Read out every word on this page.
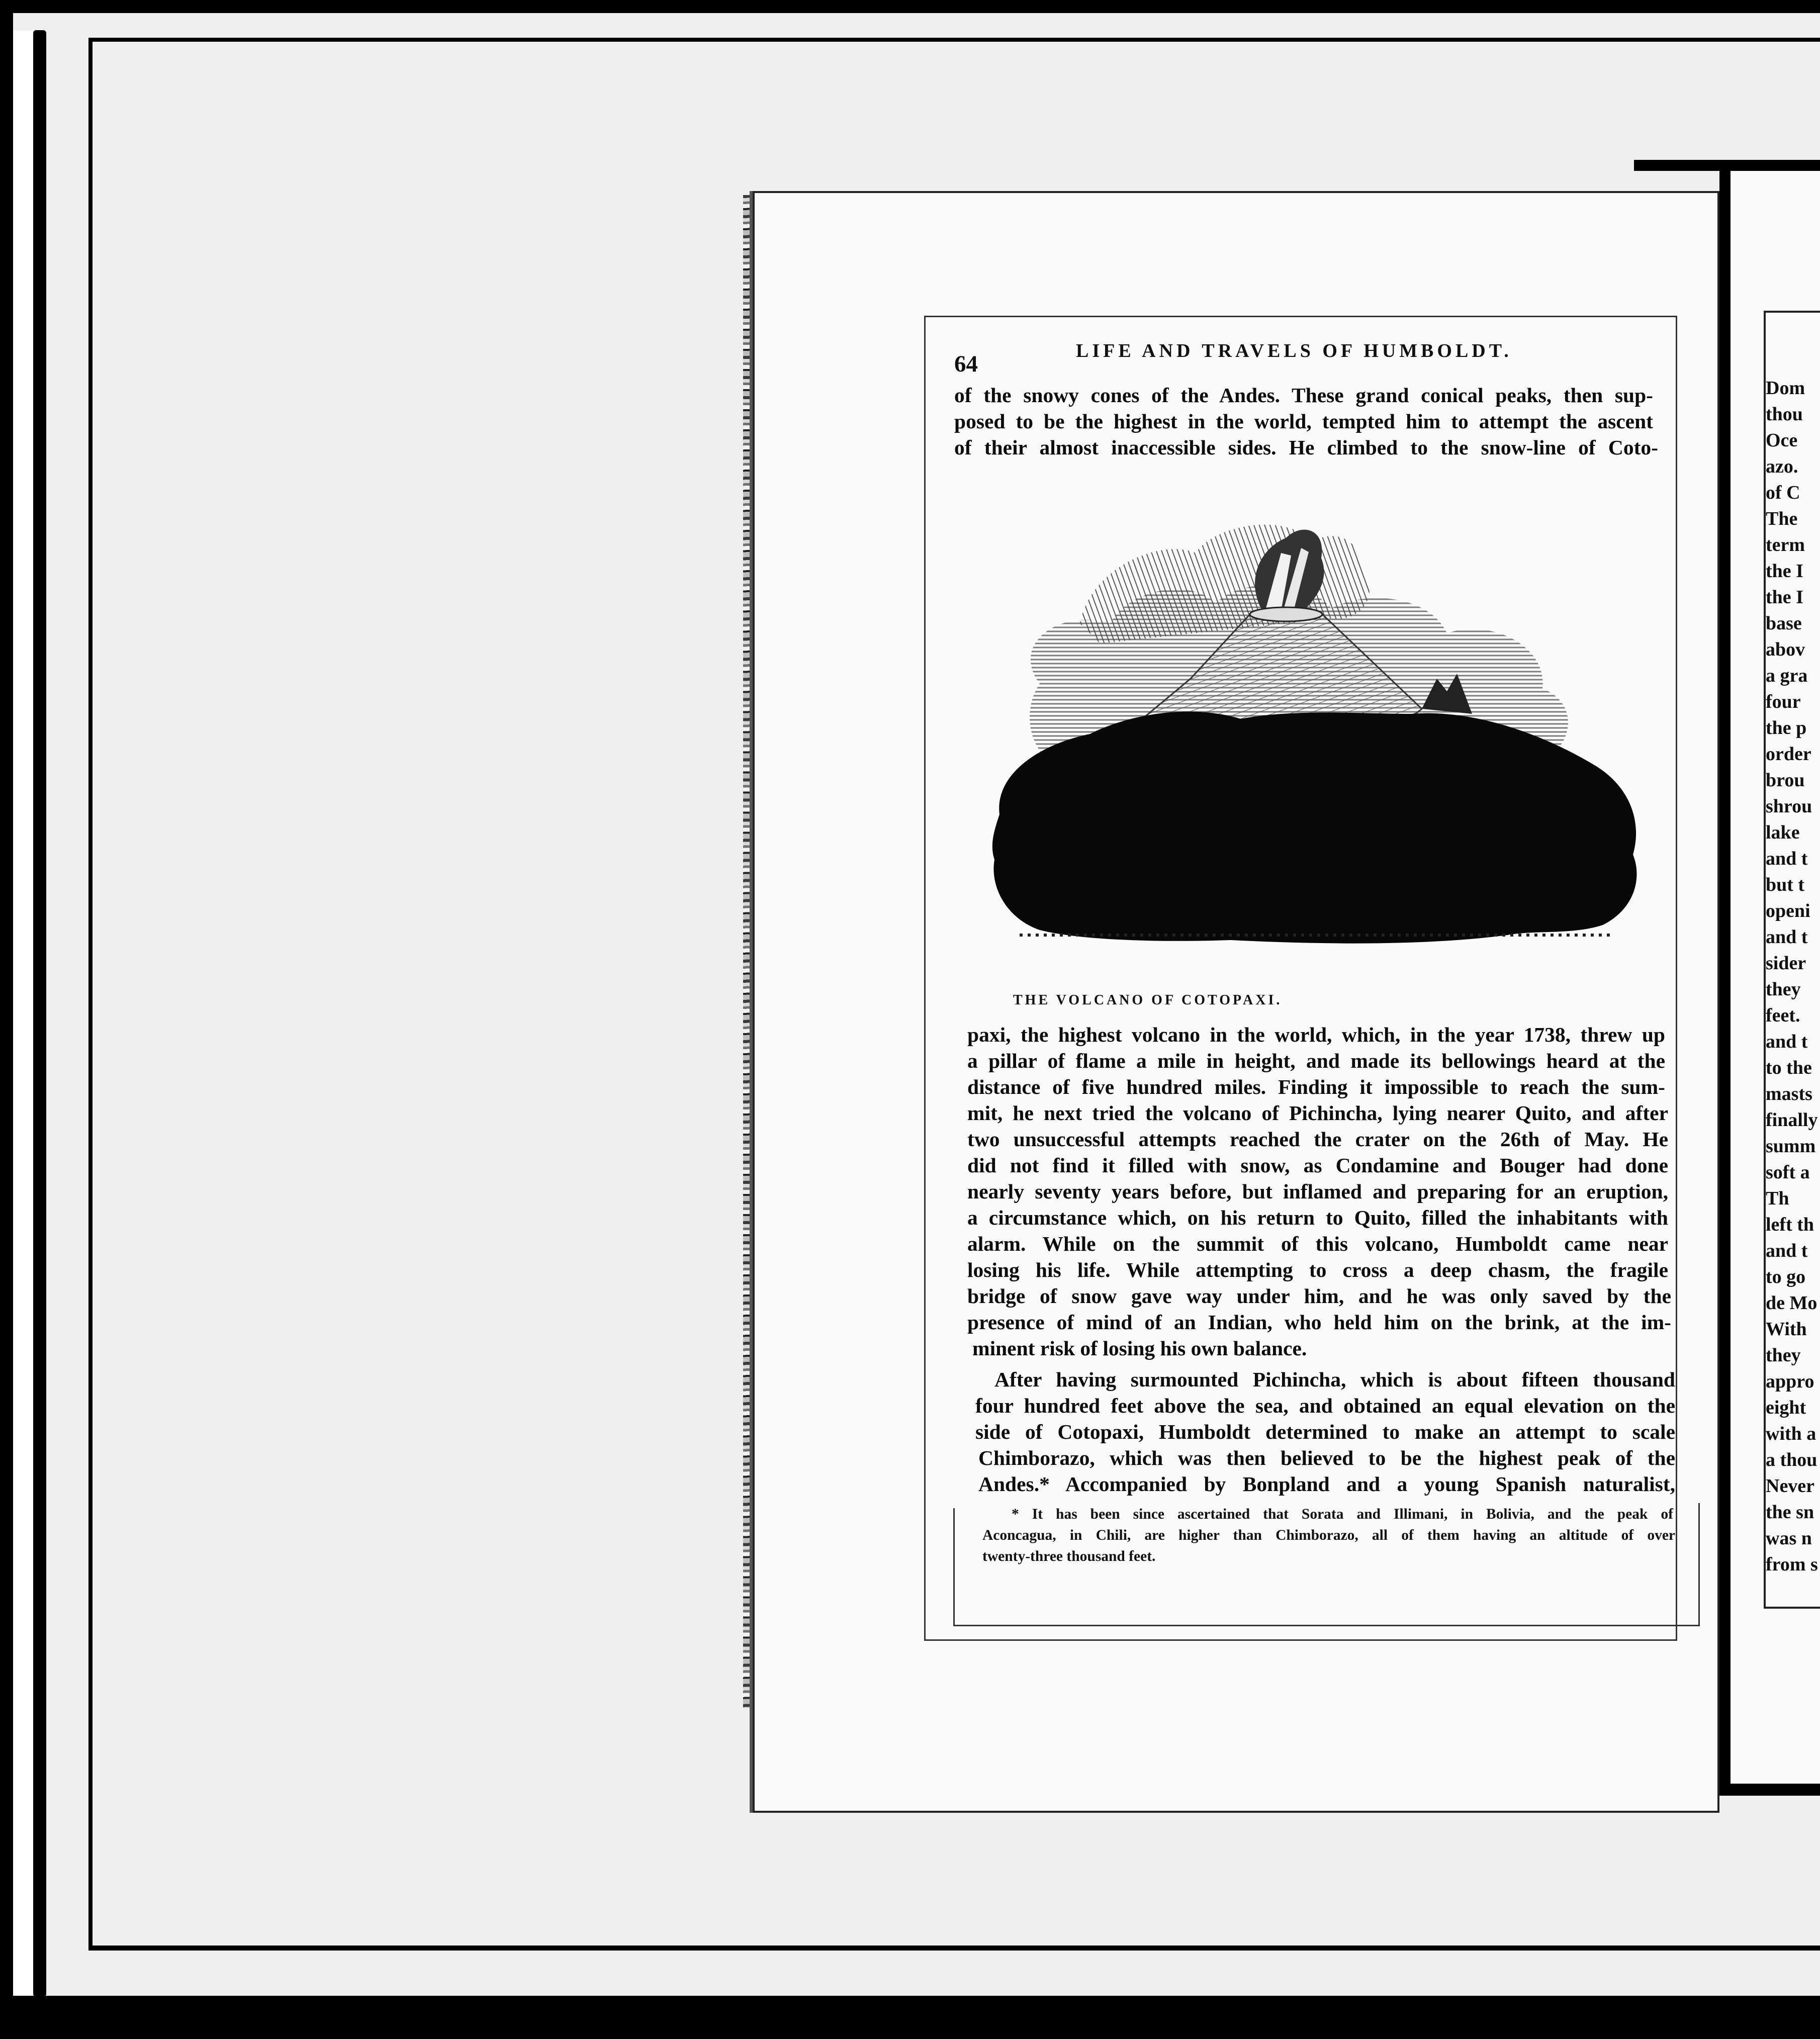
Dom
thou
Oce
azo.
of C
The
term
the I
the I
base
abov
a gra
four
the p
order
brou
shrou
lake
and t
but t
openi
and t
sider
they
feet.
and t
to the
masts
finally
summ
soft a
Th
left th
and t
to go
de Mo
With
they
appro
eight
with a
a thou
Never
the sn
was n
from s
64	LIFE AND TRAVELS OF HUMBOLDT.
of the snowy cones of the Andes. These grand conical peaks, then sup-
posed to be the highest in the world, tempted him to attempt the ascent
of their almost inaccessible sides. He climbed to the snow-line of Coto-
THE VOLCANO OF COTOPAXI.
paxi, the highest volcano in the world, which, in the year 1738, threw up
a pillar of flame a mile in height, and made its bellowings heard at the
distance of five hundred miles. Finding it impossible to reach the sum-
mit, he next tried the volcano of Pichincha, lying nearer Quito, and after
two unsuccessful attempts reached the crater on the 26th of May. He
did not find it filled with snow, as Condamine and Bouger had done
nearly seventy years before, but inflamed and preparing for an eruption,
a circumstance which, on his return to Quito, filled the inhabitants with
alarm. While on the summit of this volcano, Humboldt came near
losing his life. While attempting to cross a deep chasm, the fragile
bridge of snow gave way under him, and he was only saved by the
presence of mind of an Indian, who held him on the brink, at the im-
minent risk of losing his own balance.
After having surmounted Pichincha, which is about fifteen thousand
four hundred feet above the sea, and obtained an equal elevation on the
side of Cotopaxi, Humboldt determined to make an attempt to scale
Chimborazo, which was then believed to be the highest peak of the
Andes.* Accompanied by Bonpland and a young Spanish naturalist,
* It has been since ascertained that Sorata and Illimani, in Bolivia, and the peak of
Aconcagua, in Chili, are higher than Chimborazo, all of them having an altitude of over
twenty-three thousand feet.
